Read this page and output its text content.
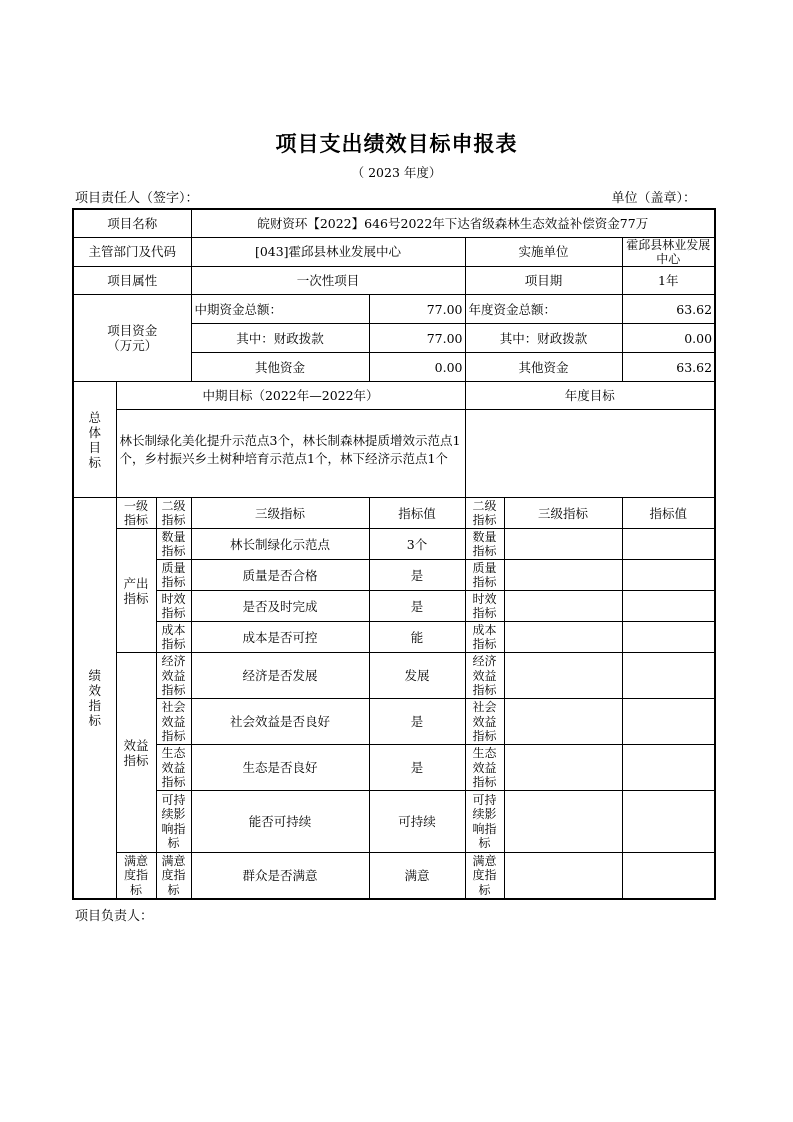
项目支出绩效目标申报表
（ 2023 年度）
项目责任人（签字）：	单位（盖章）：
项目名称			皖财资环【2022】646号2022年下达省级森林生态效益补偿资金77万				
主管部门及代码			[043]霍邱县林业发展中心		实施单位		霍邱县林业发展中心
项目属性			一次性项目		项目期		1年

项目资金
（万元）			中期资金总额：	77.00	年度资金总额：		63.62
			其中：财政拨款	77.00	其中：财政拨款		0.00
			其他资金	0.00	其他资金		63.62

总体目标	中期目标（2022年—2022年）				年度目标		
	林长制绿化美化提升示范点3个，林长制森林提质增效示范点1个，乡村振兴乡土树种培育示范点1个，林下经济示范点1个						

绩效指标	一级指标	二级指标	三级指标	指标值	二级指标	三级指标	指标值

	产出指标	数量指标	林长制绿化示范点	3个	数量指标		

		质量指标	质量是否合格	是	质量指标		

		时效指标	是否及时完成	是	时效指标		

		成本指标	成本是否可控	能	成本指标		

	效益指标	经济效益指标	经济是否发展	发展	经济效益指标		

		社会效益指标	社会效益是否良好	是	社会效益指标		

		生态效益指标	生态是否良好	是	生态效益指标		

		可持续影响指标	能否可持续	可持续	可持续影响指标		

	满意度指标	满意度指标	群众是否满意	满意	满意度指标		

项目负责人：
